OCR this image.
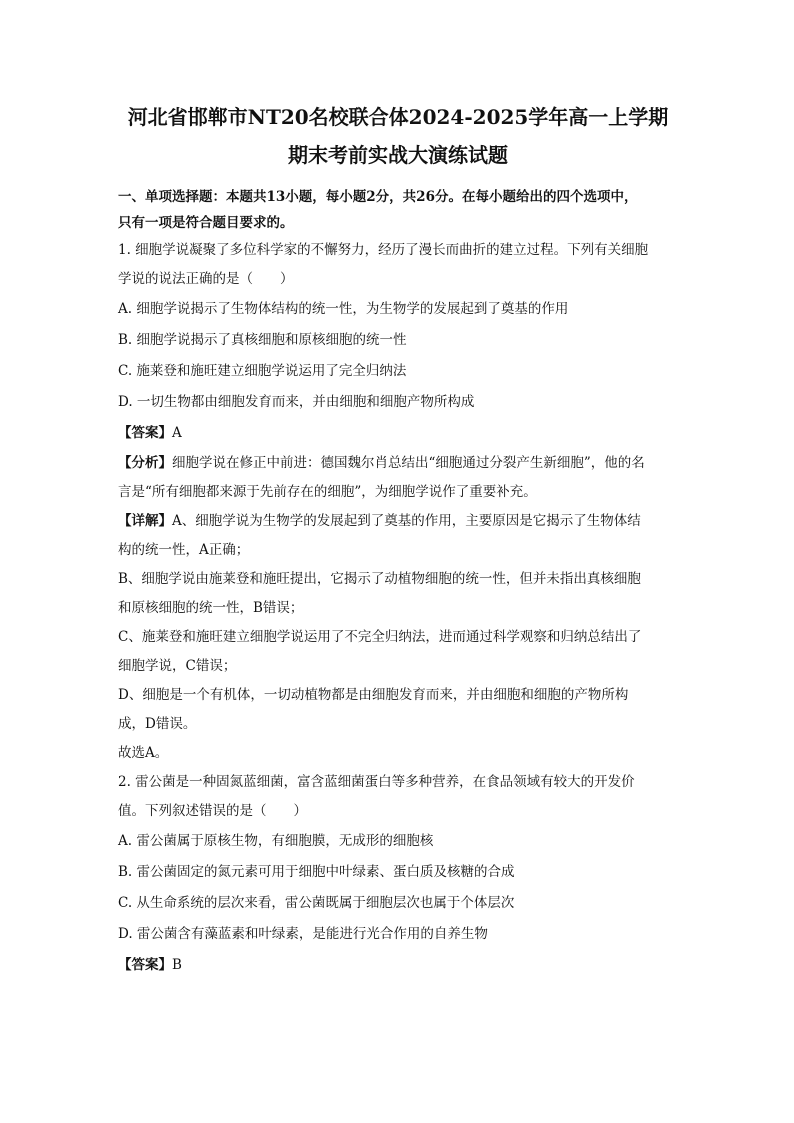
河北省邯郸市NT20名校联合体2024-2025学年高一上学期
期末考前实战大演练试题
一、单项选择题：本题共13小题，每小题2分，共26分。在每小题给出的四个选项中，
只有一项是符合题目要求的。

1. 细胞学说凝聚了多位科学家的不懈努力，经历了漫长而曲折的建立过程。下列有关细胞
学说的说法正确的是（　　）

A. 细胞学说揭示了生物体结构的统一性，为生物学的发展起到了奠基的作用
B. 细胞学说揭示了真核细胞和原核细胞的统一性
C. 施莱登和施旺建立细胞学说运用了完全归纳法
D. 一切生物都由细胞发育而来，并由细胞和细胞产物所构成
【答案】A

【分析】细胞学说在修正中前进：德国魏尔肖总结出“细胞通过分裂产生新细胞”，他的名
言是“所有细胞都来源于先前存在的细胞”，为细胞学说作了重要补充。

【详解】A、细胞学说为生物学的发展起到了奠基的作用，主要原因是它揭示了生物体结
构的统一性，A正确；
B、细胞学说由施莱登和施旺提出，它揭示了动植物细胞的统一性，但并未指出真核细胞
和原核细胞的统一性，B错误；
C、施莱登和施旺建立细胞学说运用了不完全归纳法，进而通过科学观察和归纳总结出了
细胞学说，C错误；
D、细胞是一个有机体，一切动植物都是由细胞发育而来，并由细胞和细胞的产物所构
成，D错误。

故选A。

2. 雷公菌是一种固氮蓝细菌，富含蓝细菌蛋白等多种营养，在食品领域有较大的开发价
值。下列叙述错误的是（　　）

A. 雷公菌属于原核生物，有细胞膜，无成形的细胞核
B. 雷公菌固定的氮元素可用于细胞中叶绿素、蛋白质及核糖的合成
C. 从生命系统的层次来看，雷公菌既属于细胞层次也属于个体层次
D. 雷公菌含有藻蓝素和叶绿素，是能进行光合作用的自养生物
【答案】B
